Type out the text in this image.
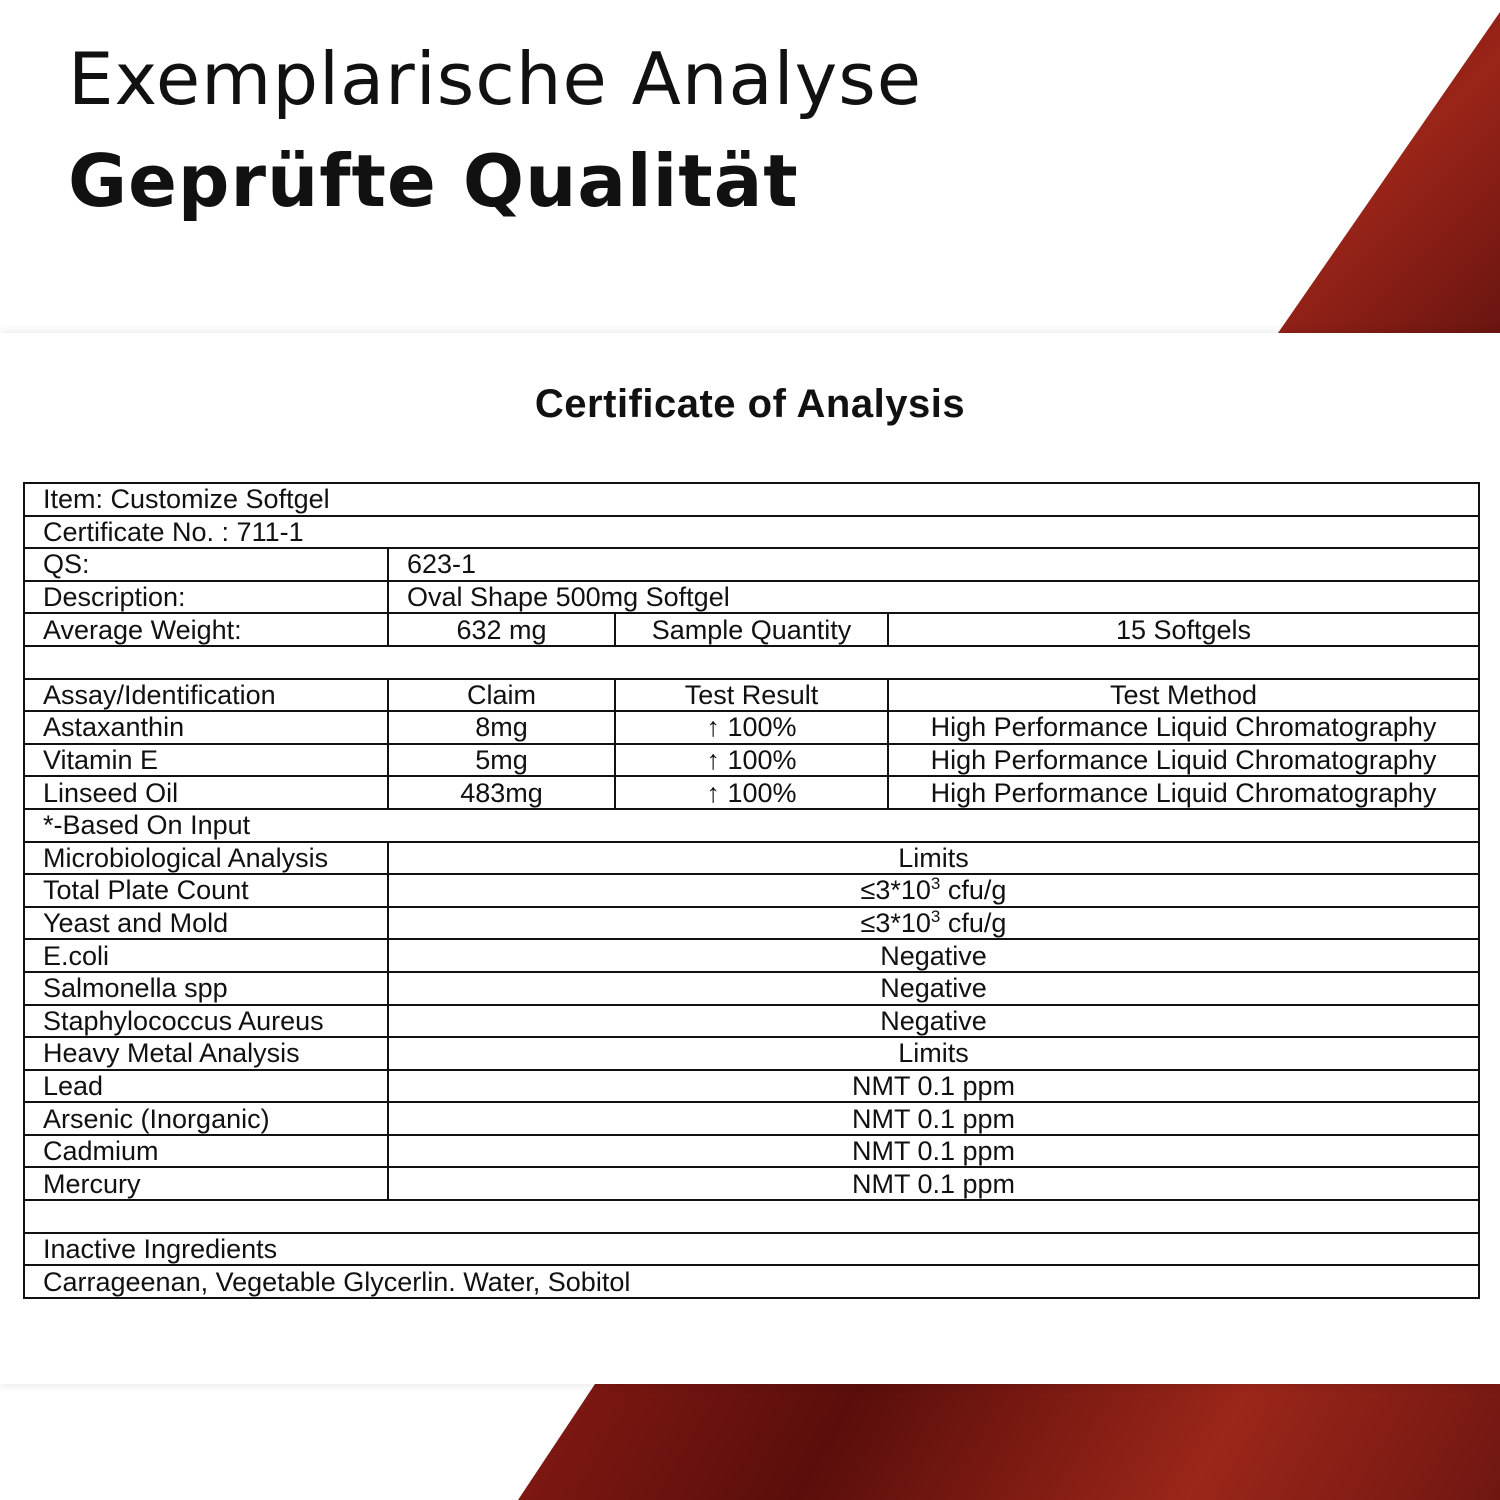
Exemplarische Analyse
Geprüfte Qualität
Certificate of Analysis
Item: Customize Softgel			
Certificate No. : 711-1			
QS:	623-1		
Description:	Oval Shape 500mg Softgel		
Average Weight:	632 mg	Sample Quantity	15 Softgels

Assay/Identification	Claim	Test Result	Test Method
Astaxanthin	8mg	↑ 100%	High Performance Liquid Chromatography
Vitamin E	5mg	↑ 100%	High Performance Liquid Chromatography
Linseed Oil	483mg	↑ 100%	High Performance Liquid Chromatography
*-Based On Input			
Microbiological Analysis	Limits		
Total Plate Count	$\le 3*10^3$ cfu/g		
Yeast and Mold	$\le 3*10^3$ cfu/g		
E.coli	Negative		
Salmonella spp	Negative		
Staphylococcus Aureus	Negative		
Heavy Metal Analysis	Limits		
Lead	NMT 0.1 ppm		
Arsenic (Inorganic)	NMT 0.1 ppm		
Cadmium	NMT 0.1 ppm		
Mercury	NMT 0.1 ppm		

Inactive Ingredients			
Carrageenan, Vegetable Glycerlin. Water, Sobitol			
